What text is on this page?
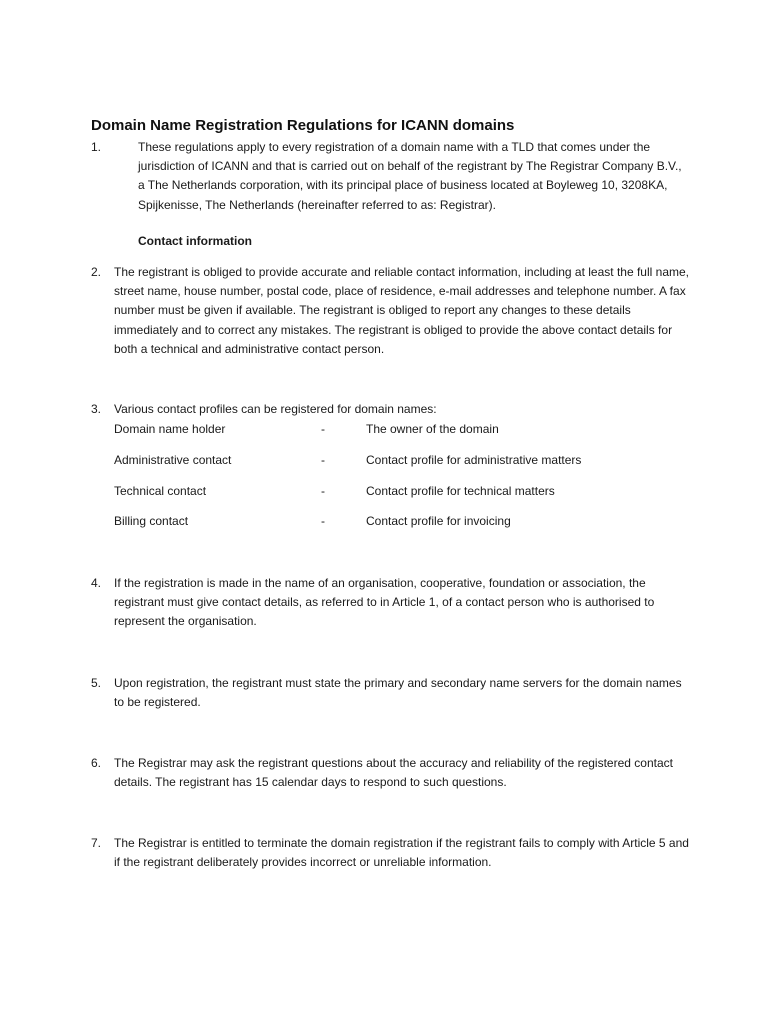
Domain Name Registration Regulations for ICANN domains
1.	These regulations apply to every registration of a domain name with a TLD that comes under the jurisdiction of ICANN and that is carried out on behalf of the registrant by The Registrar Company B.V., a The Netherlands corporation, with its principal place of business located at Boyleweg 10, 3208KA, Spijkenisse, The Netherlands (hereinafter referred to as: Registrar).
Contact information
2. The registrant is obliged to provide accurate and reliable contact information, including at least the full name, street name, house number, postal code, place of residence, e-mail addresses and telephone number. A fax number must be given if available. The registrant is obliged to report any changes to these details immediately and to correct any mistakes. The registrant is obliged to provide the above contact details for both a technical and administrative contact person.
3. Various contact profiles can be registered for domain names:
Domain name holder	-	The owner of the domain
Administrative contact	-	Contact profile for administrative matters
Technical contact	-	Contact profile for technical matters
Billing contact	-	Contact profile for invoicing
4. If the registration is made in the name of an organisation, cooperative, foundation or association, the registrant must give contact details, as referred to in Article 1, of a contact person who is authorised to represent the organisation.
5. Upon registration, the registrant must state the primary and secondary name servers for the domain names to be registered.
6. The Registrar may ask the registrant questions about the accuracy and reliability of the registered contact details. The registrant has 15 calendar days to respond to such questions.
7. The Registrar is entitled to terminate the domain registration if the registrant fails to comply with Article 5 and if the registrant deliberately provides incorrect or unreliable information.
